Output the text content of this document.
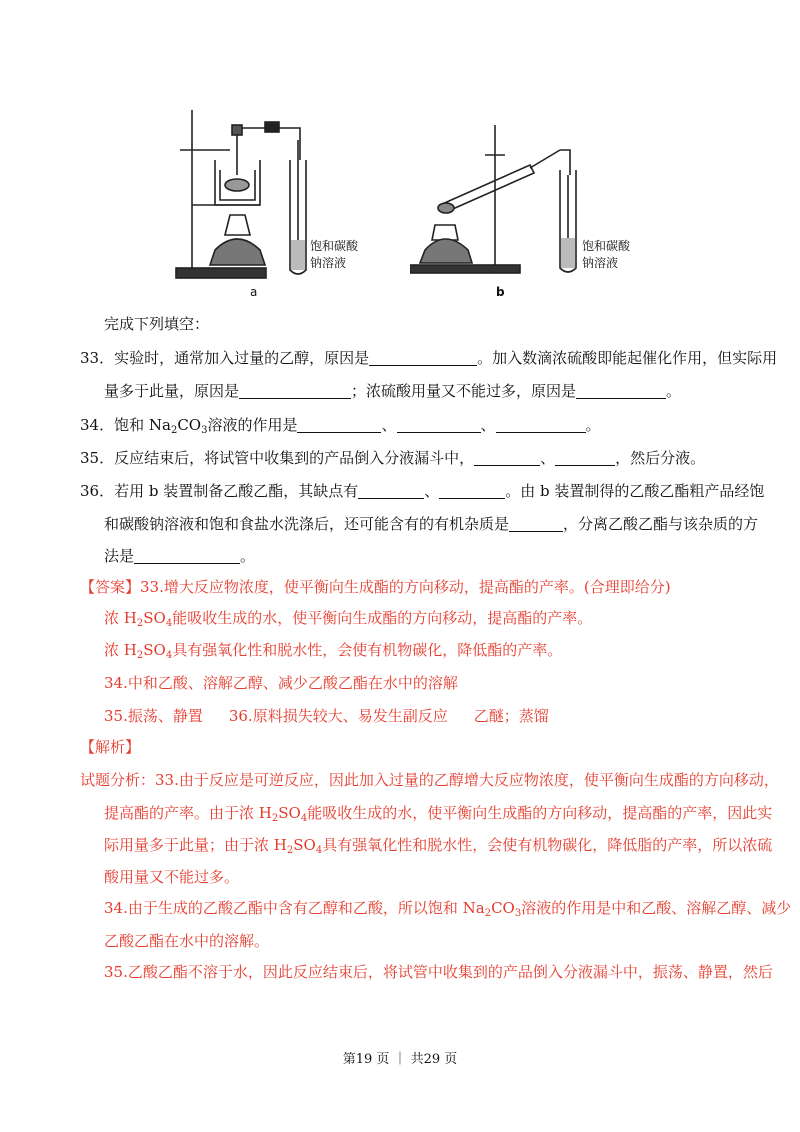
饱和碳酸
钠溶液
a
饱和碳酸
钠溶液
b
完成下列填空：
33．实验时，通常加入过量的乙醇，原因是	。加入数滴浓硫酸即能起催化作用，但实际用
量多于此量，原因是	；浓硫酸用量又不能过多，原因是	。
34．饱和 $Na_2CO_3$溶液的作用是	、	、	。
35．反应结束后，将试管中收集到的产品倒入分液漏斗中，	、	，然后分液。
36．若用 b 装置制备乙酸乙酯，其缺点有	、	。由 b 装置制得的乙酸乙酯粗产品经饱
和碳酸钠溶液和饱和食盐水洗涤后，还可能含有的有机杂质是	，分离乙酸乙酯与该杂质的方
法是	。
【答案】33.增大反应物浓度，使平衡向生成酯的方向移动，提高酯的产率。(合理即给分)
浓 $H_2SO_4$能吸收生成的水，使平衡向生成酯的方向移动，提高酯的产率。
浓 $H_2SO_4$具有强氧化性和脱水性，会使有机物碳化，降低酯的产率。
34.中和乙酸、溶解乙醇、减少乙酸乙酯在水中的溶解
35.振荡、静置 36.原料损失较大、易发生副反应 乙醚；蒸馏
【解析】
试题分析：33.由于反应是可逆反应，因此加入过量的乙醇增大反应物浓度，使平衡向生成酯的方向移动，
提高酯的产率。由于浓 $H_2SO_4$能吸收生成的水，使平衡向生成酯的方向移动，提高酯的产率，因此实
际用量多于此量；由于浓 $H_2SO_4$具有强氧化性和脱水性，会使有机物碳化，降低脂的产率，所以浓硫
酸用量又不能过多。
34.由于生成的乙酸乙酯中含有乙醇和乙酸，所以饱和 $Na_2CO_3$溶液的作用是中和乙酸、溶解乙醇、减少
乙酸乙酯在水中的溶解。
35.乙酸乙酯不溶于水，因此反应结束后，将试管中收集到的产品倒入分液漏斗中，振荡、静置，然后
第19 页 ｜ 共29 页
